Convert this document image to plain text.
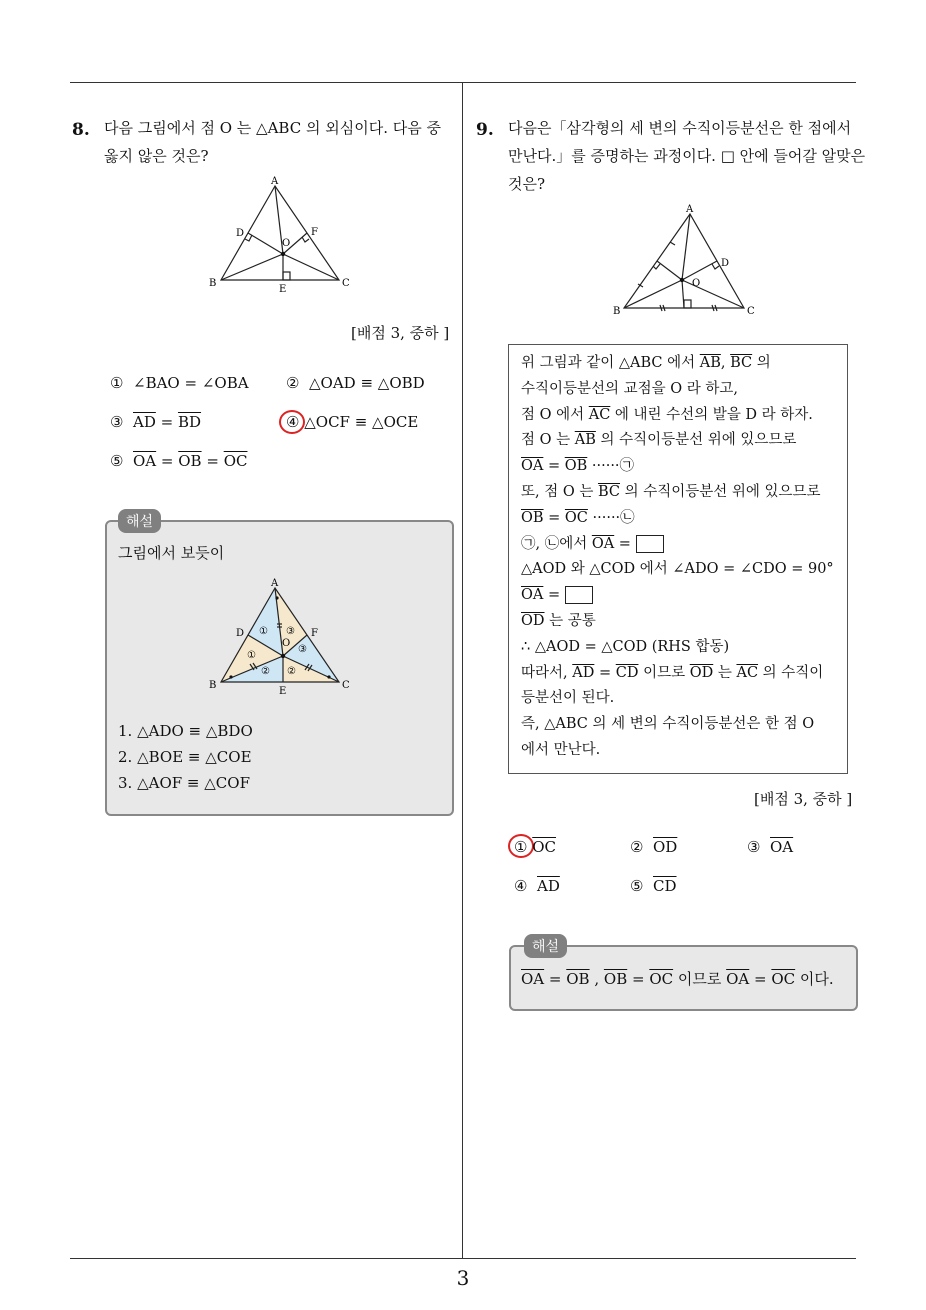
8. 다음 그림에서 점 O 는 △ABC 의 외심이다. 다음 중
옳지 않은 것은?
A
B	C
D
E
F
O
[배점 3, 중하 ]
① ∠BAO = ∠OBA ② △OAD ≡ △OBD
③ $\overline{AD} = \overline{BD}$	④ △OCF ≡ △OCE
⑤ $\overline{OA} = \overline{OB} = \overline{OC}$
해설
그림에서 보듯이
A
B	C
D
E
F
O
① ③
①
② ②
③
1. △ADO ≡ △BDO
2. △BOE ≡ △COE
3. △AOF ≡ △COF
9. 다음은「삼각형의 세 변의 수직이등분선은 한 점에서
만난다.」를 증명하는 과정이다. □ 안에 들어갈 알맞은
것은?
A
B	C
D
O
위 그림과 같이 △ABC 에서 $\overline{AB}$, $\overline{BC}$ 의
수직이등분선의 교점을 O 라 하고,
점 O 에서 $\overline{AC}$ 에 내린 수선의 발을 D 라 하자.
점 O 는 $\overline{AB}$ 의 수직이등분선 위에 있으므로
$\overline{OA} = \overline{OB}$ ······㉠
또, 점 O 는 $\overline{BC}$ 의 수직이등분선 위에 있으므로
$\overline{OB} = \overline{OC}$ ······㉡
㉠, ㉡에서 $\overline{OA}$ =
△AOD 와 △COD 에서 ∠ADO = ∠CDO = 90°
$\overline{OA}$ =
$\overline{OD}$ 는 공통
∴ △AOD = △COD (RHS 합동)
따라서, $\overline{AD} = \overline{CD}$ 이므로 $\overline{OD}$ 는 $\overline{AC}$ 의 수직이
등분선이 된다.
즉, △ABC 의 세 변의 수직이등분선은 한 점 O
에서 만난다.
[배점 3, 중하 ]
① $\overline{OC}$	② $\overline{OD}$	③ $\overline{OA}$
④ $\overline{AD}$	⑤ $\overline{CD}$
해설
$\overline{OA} = \overline{OB}$ , $\overline{OB} = \overline{OC}$ 이므로 $\overline{OA} = \overline{OC}$ 이다.
3
